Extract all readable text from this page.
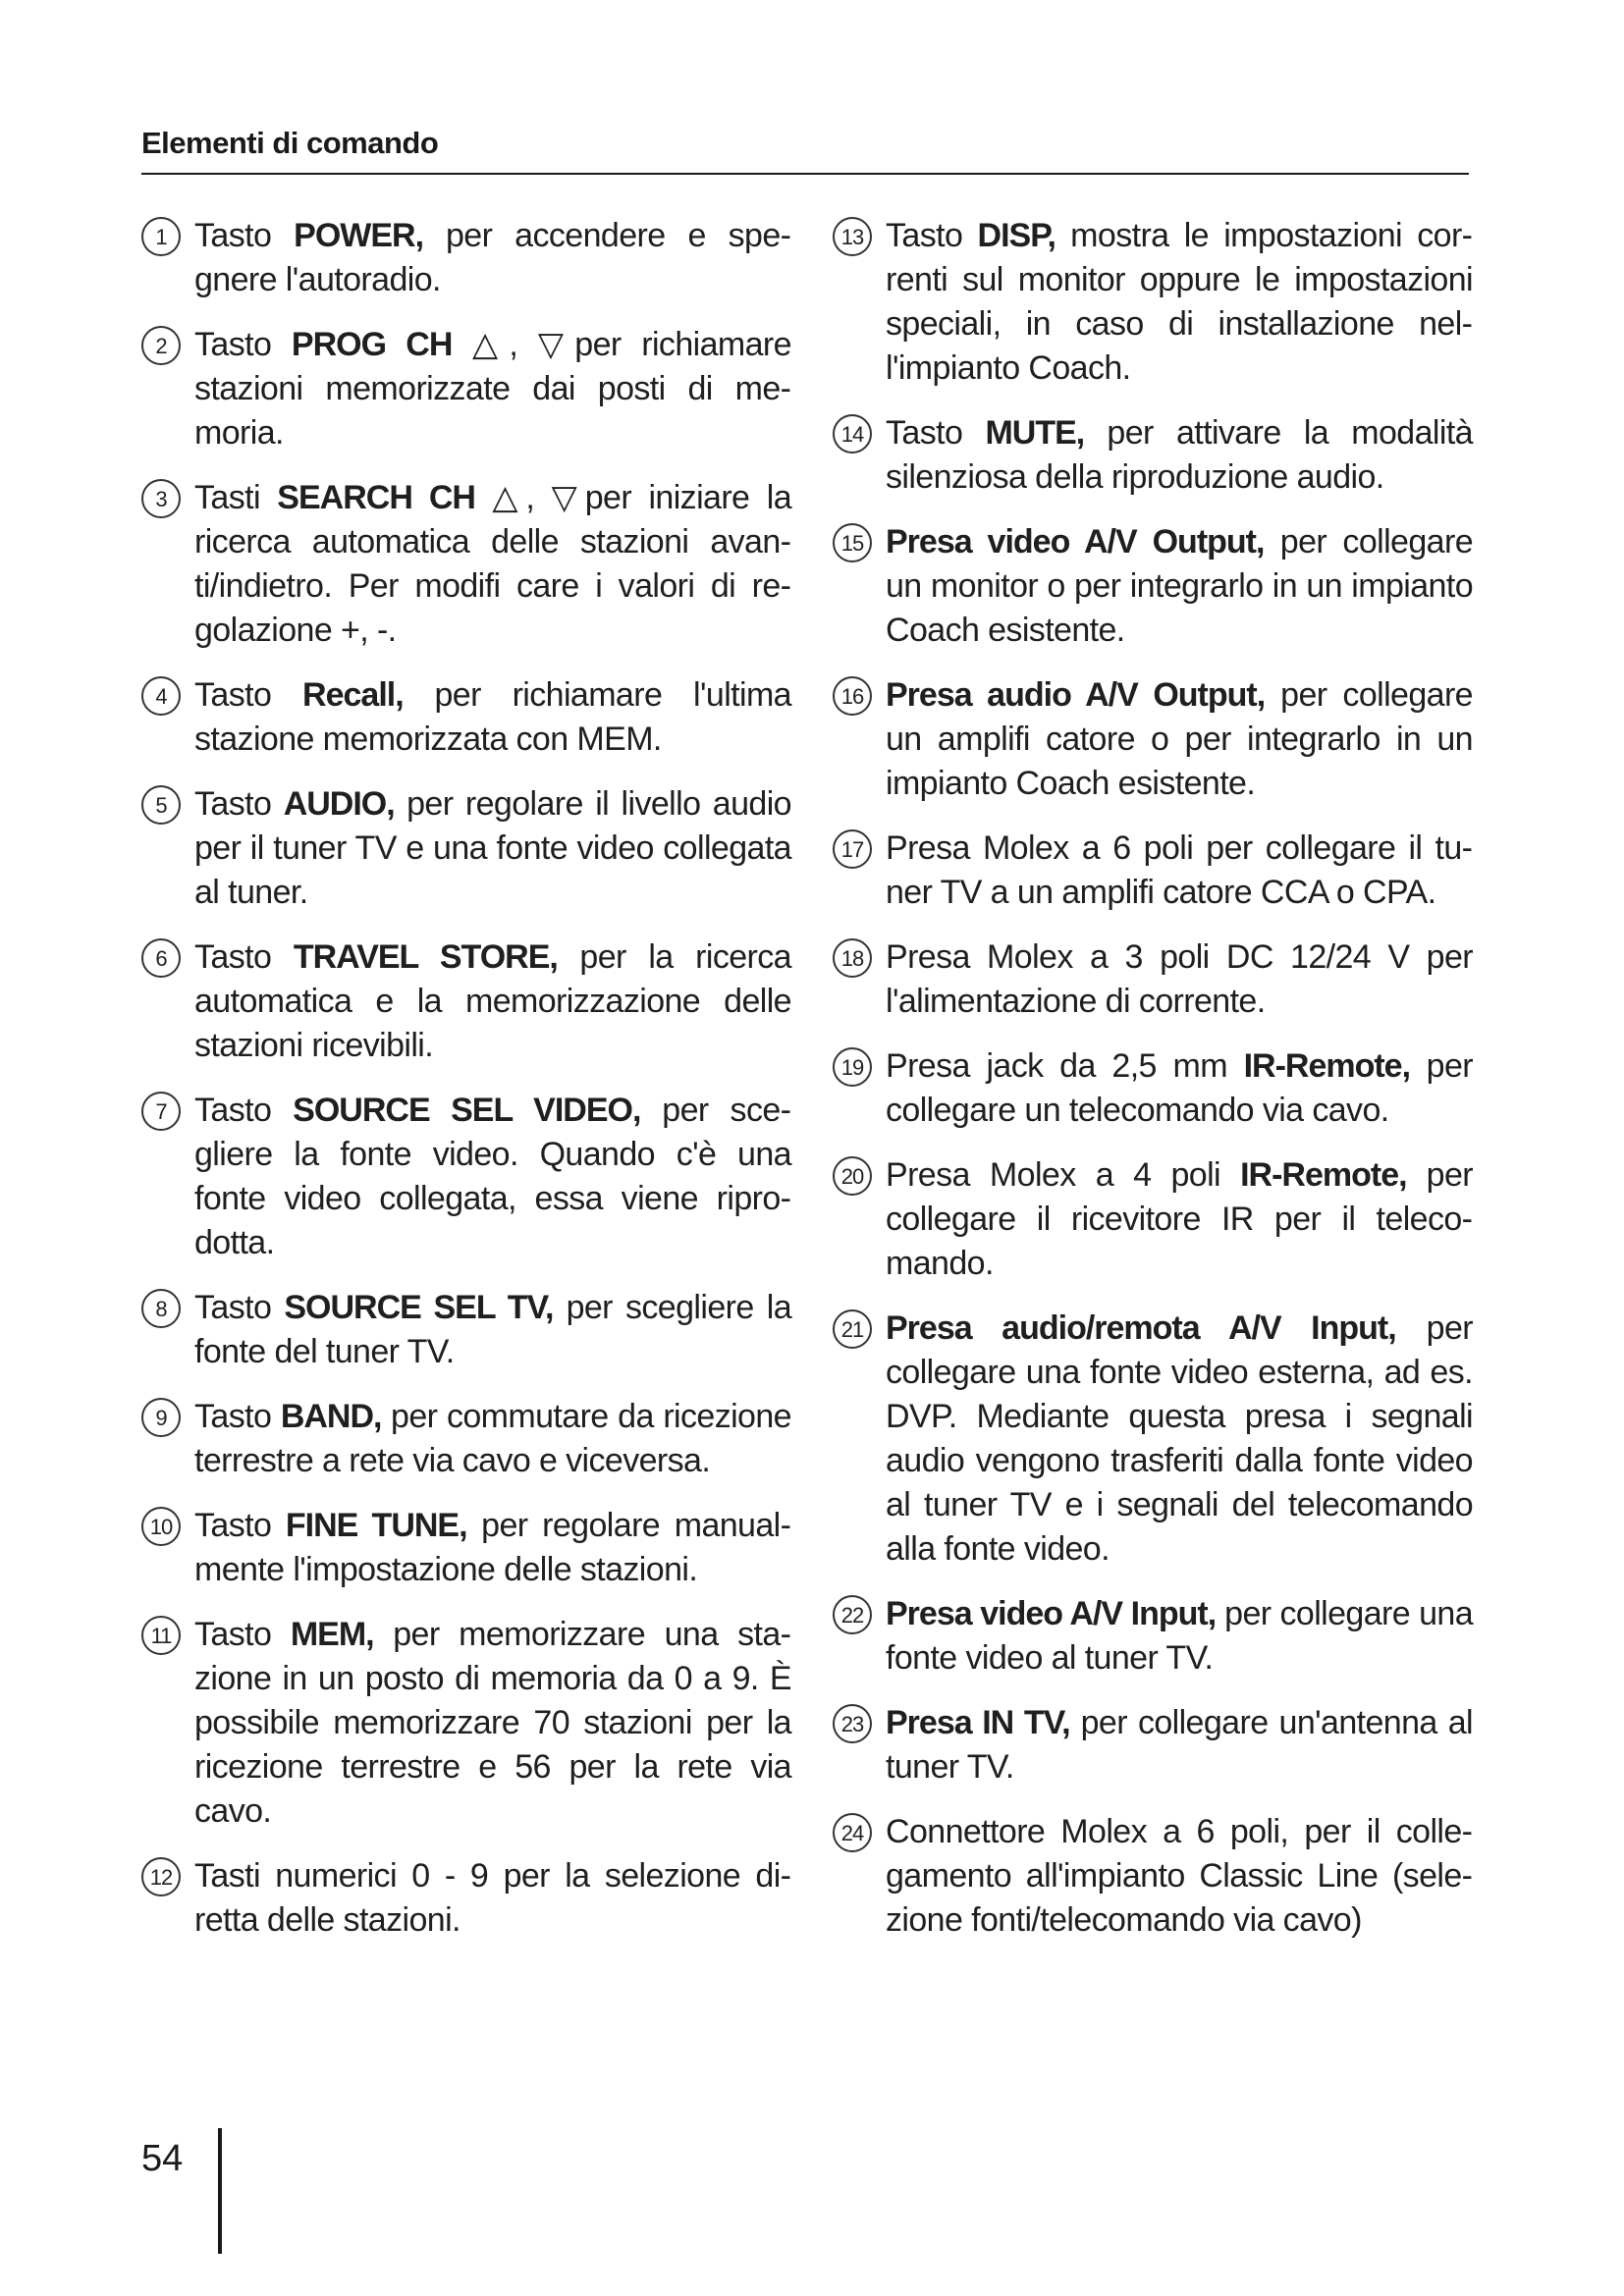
Elementi di comando
1 Tasto POWER, per accendere e spegnere l'autoradio.
2 Tasto PROG CH △, ▽per richiamare stazioni memorizzate dai posti di memoria.
3 Tasti SEARCH CH △, ▽per iniziare la ricerca automatica delle stazioni avanti/indietro. Per modifi care i valori di regolazione +, -.
4 Tasto Recall, per richiamare l'ultima stazione memorizzata con MEM.
5 Tasto AUDIO, per regolare il livello audio per il tuner TV e una fonte video collegata al tuner.
6 Tasto TRAVEL STORE, per la ricerca automatica e la memorizzazione delle stazioni ricevibili.
7 Tasto SOURCE SEL VIDEO, per scegliere la fonte video. Quando c'è una fonte video collegata, essa viene riprodotta.
8 Tasto SOURCE SEL TV, per scegliere la fonte del tuner TV.
9 Tasto BAND, per commutare da ricezione terrestre a rete via cavo e viceversa.
10 Tasto FINE TUNE, per regolare manualmente l'impostazione delle stazioni.
11 Tasto MEM, per memorizzare una stazione in un posto di memoria da 0 a 9. È possibile memorizzare 70 stazioni per la ricezione terrestre e 56 per la rete via cavo.
12 Tasti numerici 0 - 9 per la selezione diretta delle stazioni.
13 Tasto DISP, mostra le impostazioni correnti sul monitor oppure le impostazioni speciali, in caso di installazione nell'impianto Coach.
14 Tasto MUTE, per attivare la modalità silenziosa della riproduzione audio.
15 Presa video A/V Output, per collegare un monitor o per integrarlo in un impianto Coach esistente.
16 Presa audio A/V Output, per collegare un amplifi catore o per integrarlo in un impianto Coach esistente.
17 Presa Molex a 6 poli per collegare il tuner TV a un amplifi catore CCA o CPA.
18 Presa Molex a 3 poli DC 12/24 V per l'alimentazione di corrente.
19 Presa jack da 2,5 mm IR-Remote, per collegare un telecomando via cavo.
20 Presa Molex a 4 poli IR-Remote, per collegare il ricevitore IR per il telecomando.
21 Presa audio/remota A/V Input, per collegare una fonte video esterna, ad es. DVP. Mediante questa presa i segnali audio vengono trasferiti dalla fonte video al tuner TV e i segnali del telecomando alla fonte video.
22 Presa video A/V Input, per collegare una fonte video al tuner TV.
23 Presa IN TV, per collegare un'antenna al tuner TV.
24 Connettore Molex a 6 poli, per il collegamento all'impianto Classic Line (selezione fonti/telecomando via cavo)
54
